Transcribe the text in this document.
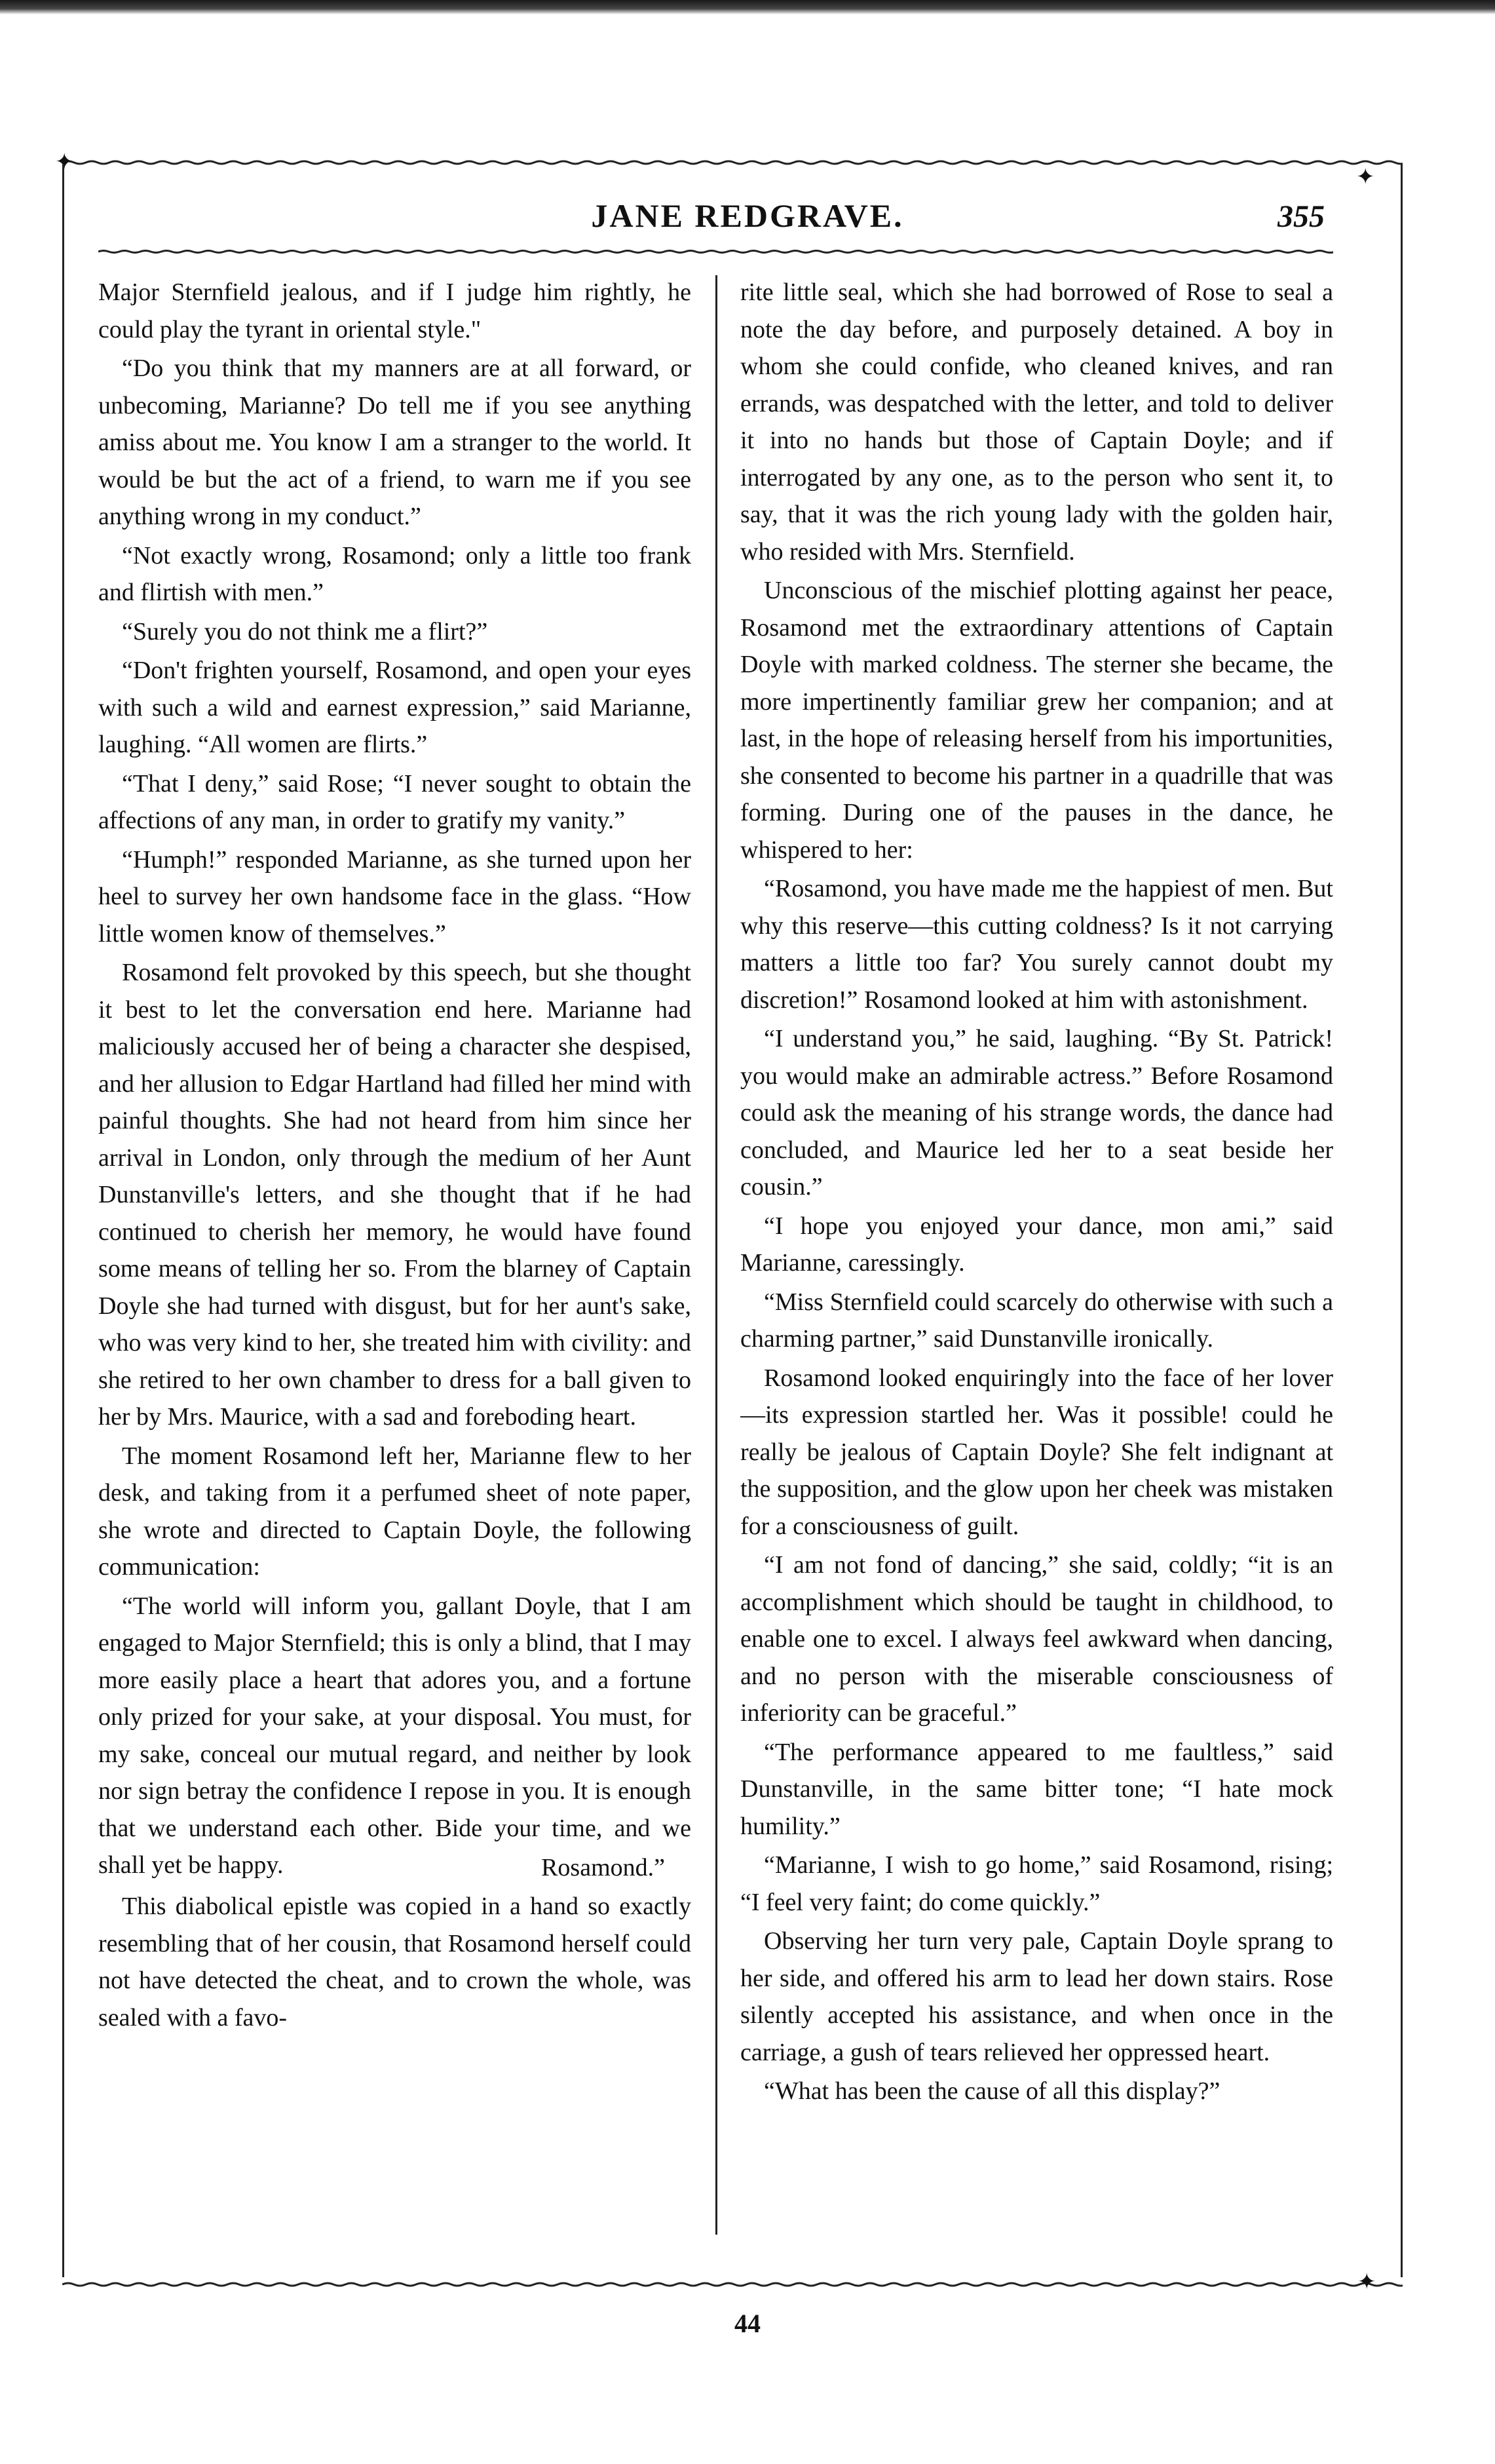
✦
✦
✦
JANE REDGRAVE.	355

Major Sternfield jealous, and if I judge him rightly, he could play the tyrant in oriental style."

“Do you think that my manners are at all forward, or unbecoming, Marianne? Do tell me if you see anything amiss about me. You know I am a stranger to the world. It would be but the act of a friend, to warn me if you see anything wrong in my conduct.”

“Not exactly wrong, Rosamond; only a little too frank and flirtish with men.”

“Surely you do not think me a flirt?”

“Don't frighten yourself, Rosamond, and open your eyes with such a wild and earnest expression,” said Marianne, laughing. “All women are flirts.”

“That I deny,” said Rose; “I never sought to obtain the affections of any man, in order to gratify my vanity.”

“Humph!” responded Marianne, as she turned upon her heel to survey her own handsome face in the glass. “How little women know of themselves.”

Rosamond felt provoked by this speech, but she thought it best to let the conversation end here. Marianne had maliciously accused her of being a character she despised, and her allusion to Edgar Hartland had filled her mind with painful thoughts. She had not heard from him since her arrival in London, only through the medium of her Aunt Dunstanville's letters, and she thought that if he had continued to cherish her memory, he would have found some means of telling her so. From the blarney of Captain Doyle she had turned with disgust, but for her aunt's sake, who was very kind to her, she treated him with civility: and she retired to her own chamber to dress for a ball given to her by Mrs. Maurice, with a sad and foreboding heart.

The moment Rosamond left her, Marianne flew to her desk, and taking from it a perfumed sheet of note paper, she wrote and directed to Captain Doyle, the following communication:

“The world will inform you, gallant Doyle, that I am engaged to Major Sternfield; this is only a blind, that I may more easily place a heart that adores you, and a fortune only prized for your sake, at your disposal. You must, for my sake, conceal our mutual regard, and neither by look nor sign betray the confidence I repose in you. It is enough that we understand each other. Bide your time, and we shall yet be happy.	Rosamond.”

This diabolical epistle was copied in a hand so exactly resembling that of her cousin, that Rosamond herself could not have detected the cheat, and to crown the whole, was sealed with a favo-

rite little seal, which she had borrowed of Rose to seal a note the day before, and purposely detained. A boy in whom she could confide, who cleaned knives, and ran errands, was despatched with the letter, and told to deliver it into no hands but those of Captain Doyle; and if interrogated by any one, as to the person who sent it, to say, that it was the rich young lady with the golden hair, who resided with Mrs. Sternfield.

Unconscious of the mischief plotting against her peace, Rosamond met the extraordinary attentions of Captain Doyle with marked coldness. The sterner she became, the more impertinently familiar grew her companion; and at last, in the hope of releasing herself from his importunities, she consented to become his partner in a quadrille that was forming. During one of the pauses in the dance, he whispered to her:

“Rosamond, you have made me the happiest of men. But why this reserve—this cutting coldness? Is it not carrying matters a little too far? You surely cannot doubt my discretion!” Rosamond looked at him with astonishment.

“I understand you,” he said, laughing. “By St. Patrick! you would make an admirable actress.” Before Rosamond could ask the meaning of his strange words, the dance had concluded, and Maurice led her to a seat beside her cousin.”

“I hope you enjoyed your dance, mon ami,” said Marianne, caressingly.

“Miss Sternfield could scarcely do otherwise with such a charming partner,” said Dunstanville ironically.

Rosamond looked enquiringly into the face of her lover—its expression startled her. Was it possible! could he really be jealous of Captain Doyle? She felt indignant at the supposition, and the glow upon her cheek was mistaken for a consciousness of guilt.

“I am not fond of dancing,” she said, coldly; “it is an accomplishment which should be taught in childhood, to enable one to excel. I always feel awkward when dancing, and no person with the miserable consciousness of inferiority can be graceful.”

“The performance appeared to me faultless,” said Dunstanville, in the same bitter tone; “I hate mock humility.”

“Marianne, I wish to go home,” said Rosamond, rising; “I feel very faint; do come quickly.”

Observing her turn very pale, Captain Doyle sprang to her side, and offered his arm to lead her down stairs. Rose silently accepted his assistance, and when once in the carriage, a gush of tears relieved her oppressed heart.

“What has been the cause of all this display?”

44
